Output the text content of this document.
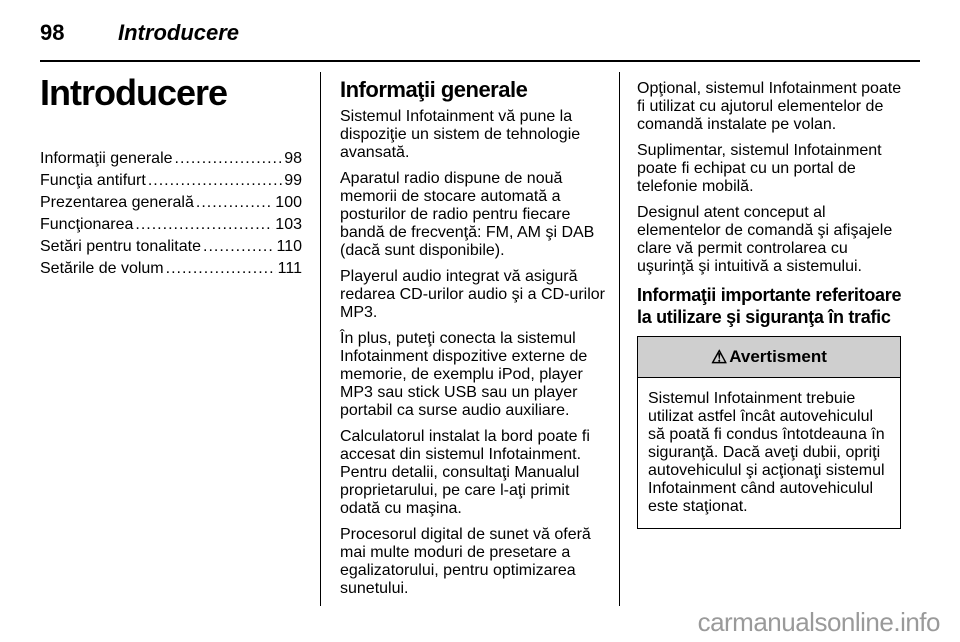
98 Introducere
Introducere
Informaţii generale .....	98
Funcţia antifurt .....	99
Prezentarea generală .....	100
Funcţionarea .....	103
Setări pentru tonalitate .....	110
Setările de volum .....	111
Informaţii generale

Sistemul Infotainment vă pune la dispoziţie un sistem de tehnologie avansată.

Aparatul radio dispune de nouă memorii de stocare automată a posturilor de radio pentru fiecare bandă de frecvenţă: FM, AM şi DAB (dacă sunt disponibile).

Playerul audio integrat vă asigură redarea CD-urilor audio şi a CD-urilor MP3.

În plus, puteţi conecta la sistemul Infotainment dispozitive externe de memorie, de exemplu iPod, player MP3 sau stick USB sau un player portabil ca surse audio auxiliare.

Calculatorul instalat la bord poate fi accesat din sistemul Infotainment. Pentru detalii, consultaţi Manualul proprietarului, pe care l-aţi primit odată cu maşina.

Procesorul digital de sunet vă oferă mai multe moduri de presetare a egalizatorului, pentru optimizarea sunetului.

Opţional, sistemul Infotainment poate fi utilizat cu ajutorul elementelor de comandă instalate pe volan.

Suplimentar, sistemul Infotainment poate fi echipat cu un portal de telefonie mobilă.

Designul atent conceput al elementelor de comandă şi afişajele clare vă permit controlarea cu uşurinţă şi intuitivă a sistemului.

Informaţii importante referitoare la utilizare şi siguranţa în trafic
⚠ Avertisment
Sistemul Infotainment trebuie utilizat astfel încât autovehiculul să poată fi condus întotdeauna în siguranţă. Dacă aveţi dubii, opriţi autovehiculul şi acţionaţi sistemul Infotainment când autovehiculul este staţionat.
carmanualsonline.info
